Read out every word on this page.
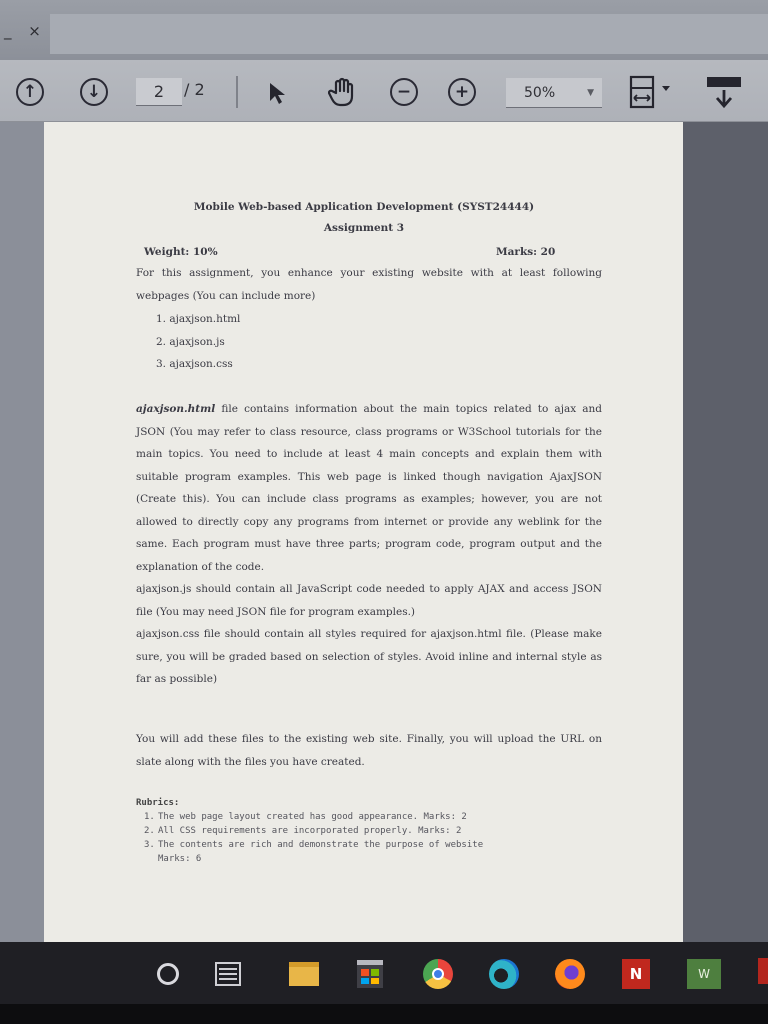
_ ×
↑	↓	2	/ 2	−	+	50%	▼
Mobile Web-based Application Development (SYST24444)
Assignment 3
Weight: 10%	Marks: 20
For this assignment, you enhance your existing website with at least following webpages (You can include more)
1. ajaxjson.html
2. ajaxjson.js
3. ajaxjson.css

ajaxjson.html file contains information about the main topics related to ajax and JSON (You may refer to class resource, class programs or W3School tutorials for the main topics. You need to include at least 4 main concepts and explain them with suitable program examples. This web page is linked though navigation AjaxJSON (Create this). You can include class programs as examples; however, you are not allowed to directly copy any programs from internet or provide any weblink for the same. Each program must have three parts; program code, program output and the explanation of the code.

ajaxjson.js should contain all JavaScript code needed to apply AJAX and access JSON file (You may need JSON file for program examples.)

ajaxjson.css file should contain all styles required for ajaxjson.html file. (Please make sure, you will be graded based on selection of styles. Avoid inline and internal style as far as possible)

You will add these files to the existing web site. Finally, you will upload the URL on slate along with the files you have created.
Rubrics:
1. The web page layout created has good appearance. Marks: 2
2. All CSS requirements are incorporated properly. Marks: 2
3. The contents are rich and demonstrate the purpose of website
Marks: 6
N	W
